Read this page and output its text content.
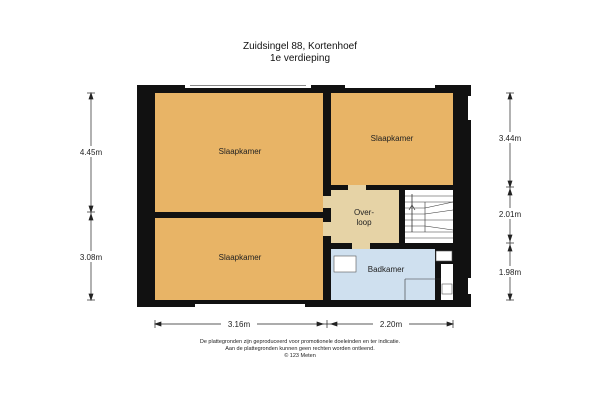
Zuidsingel 88, Kortenhoef
1e verdieping
Slaapkamer
Slaapkamer
Slaapkamer
Over-
loop
Badkamer
4.45m
3.08m
3.44m
2.01m
1.98m
3.16m	2.20m
De plattegronden zijn geproduceerd voor promotionele doeleinden en ter indicatie.
Aan de plattegronden kunnen geen rechten worden ontleend.
© 123 Meten
